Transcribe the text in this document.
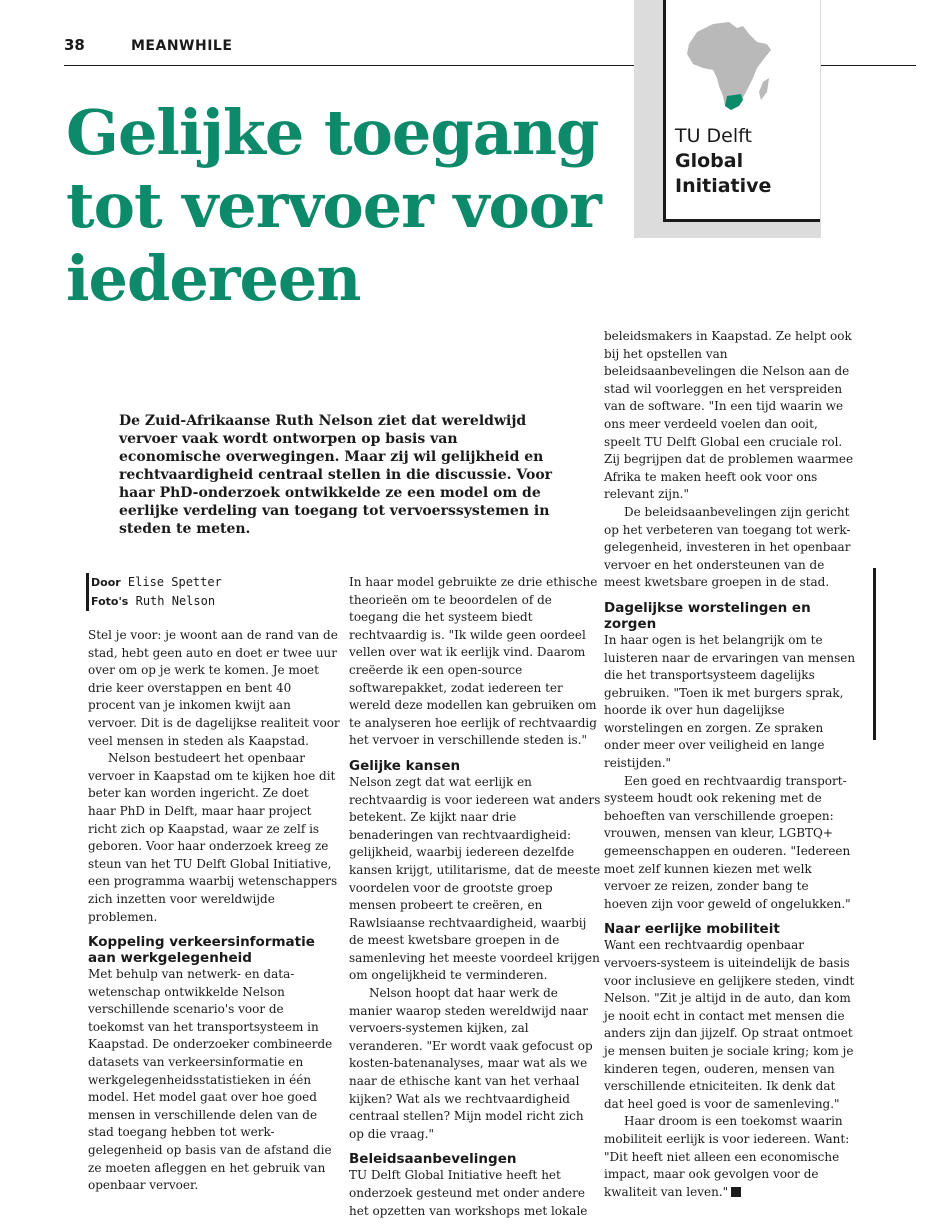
38	MEANWHILE
TU Delft
Global Initiative
Gelijke toegang tot vervoer voor iedereen

De Zuid-Afrikaanse Ruth Nelson ziet dat wereldwijd vervoer vaak wordt ontworpen op basis van economische overwegingen. Maar zij wil gelijkheid en rechtvaardigheid centraal stellen in die discussie. Voor haar PhD-onderzoek ontwikkelde ze een model om de eerlijke verdeling van toegang tot vervoerssystemen in steden te meten.

Door Elise Spetter
Foto's Ruth Nelson

Stel je voor: je woont aan de rand van de stad, hebt geen auto en doet er twee uur over om op je werk te komen. Je moet drie keer overstappen en bent 40 procent van je inkomen kwijt aan vervoer. Dit is de dagelijkse realiteit voor veel mensen in steden als Kaapstad.

Nelson bestudeert het openbaar vervoer in Kaapstad om te kijken hoe dit beter kan worden ingericht. Ze doet haar PhD in Delft, maar haar project richt zich op Kaapstad, waar ze zelf is geboren. Voor haar onderzoek kreeg ze steun van het TU Delft Global Initiative, een programma waarbij wetenschappers zich inzetten voor wereldwijde problemen.

Koppeling verkeersinformatie aan werkgelegenheid

Met behulp van netwerk- en data-wetenschap ontwikkelde Nelson verschillende scenario's voor de toekomst van het transportsysteem in Kaapstad. De onderzoeker combineerde datasets van verkeersinformatie en werkgelegenheidsstatistieken in één model. Het model gaat over hoe goed mensen in verschillende delen van de stad toegang hebben tot werk-gelegenheid op basis van de afstand die ze moeten afleggen en het gebruik van openbaar vervoer.

In haar model gebruikte ze drie ethische theorieën om te beoordelen of de toegang die het systeem biedt rechtvaardig is. "Ik wilde geen oordeel vellen over wat ik eerlijk vind. Daarom creëerde ik een open-source softwarepakket, zodat iedereen ter wereld deze modellen kan gebruiken om te analyseren hoe eerlijk of rechtvaardig het vervoer in verschillende steden is."

Gelijke kansen

Nelson zegt dat wat eerlijk en rechtvaardig is voor iedereen wat anders betekent. Ze kijkt naar drie benaderingen van rechtvaardigheid: gelijkheid, waarbij iedereen dezelfde kansen krijgt, utilitarisme, dat de meeste voordelen voor de grootste groep mensen probeert te creëren, en Rawlsiaanse rechtvaardigheid, waarbij de meest kwetsbare groepen in de samenleving het meeste voordeel krijgen om ongelijkheid te verminderen.

Nelson hoopt dat haar werk de manier waarop steden wereldwijd naar vervoers-systemen kijken, zal veranderen. "Er wordt vaak gefocust op kosten-batenanalyses, maar wat als we naar de ethische kant van het verhaal kijken? Wat als we rechtvaardigheid centraal stellen? Mijn model richt zich op die vraag."

Beleidsaanbevelingen

TU Delft Global Initiative heeft het onderzoek gesteund met onder andere het opzetten van workshops met lokale

beleidsmakers in Kaapstad. Ze helpt ook bij het opstellen van beleidsaanbevelingen die Nelson aan de stad wil voorleggen en het verspreiden van de software. "In een tijd waarin we ons meer verdeeld voelen dan ooit, speelt TU Delft Global een cruciale rol. Zij begrijpen dat de problemen waarmee Afrika te maken heeft ook voor ons relevant zijn."

De beleidsaanbevelingen zijn gericht op het verbeteren van toegang tot werk-gelegenheid, investeren in het openbaar vervoer en het ondersteunen van de meest kwetsbare groepen in de stad.

Dagelijkse worstelingen en zorgen

In haar ogen is het belangrijk om te luisteren naar de ervaringen van mensen die het transportsysteem dagelijks gebruiken. "Toen ik met burgers sprak, hoorde ik over hun dagelijkse worstelingen en zorgen. Ze spraken onder meer over veiligheid en lange reistijden."

Een goed en rechtvaardig transport-systeem houdt ook rekening met de behoeften van verschillende groepen: vrouwen, mensen van kleur, LGBTQ+ gemeenschappen en ouderen. "Iedereen moet zelf kunnen kiezen met welk vervoer ze reizen, zonder bang te hoeven zijn voor geweld of ongelukken."

Naar eerlijke mobiliteit

Want een rechtvaardig openbaar vervoers-systeem is uiteindelijk de basis voor inclusieve en gelijkere steden, vindt Nelson. "Zit je altijd in de auto, dan kom je nooit echt in contact met mensen die anders zijn dan jijzelf. Op straat ontmoet je mensen buiten je sociale kring; kom je kinderen tegen, ouderen, mensen van verschillende etniciteiten. Ik denk dat dat heel goed is voor de samenleving."

Haar droom is een toekomst waarin mobiliteit eerlijk is voor iedereen. Want: "Dit heeft niet alleen een economische impact, maar ook gevolgen voor de kwaliteit van leven."
